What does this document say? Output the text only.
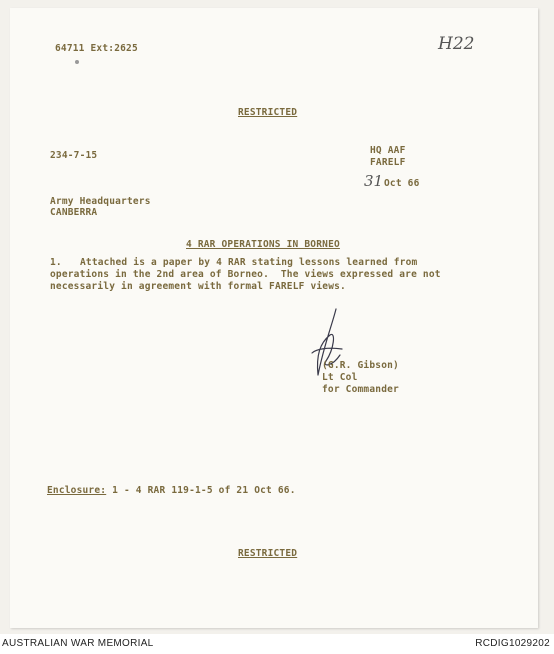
64711 Ext:2625	H22
RESTRICTED
234-7-15	HQ AAF
FARELF
31 Oct 66
Army Headquarters
CANBERRA
4 RAR OPERATIONS IN BORNEO
1. Attached is a paper by 4 RAR stating lessons learned from
operations in the 2nd area of Borneo.  The views expressed are not
necessarily in agreement with formal FARELF views.
(G.R. Gibson)
Lt Col
for Commander
Enclosure: 1 - 4 RAR 119-1-5 of 21 Oct 66.
RESTRICTED
AUSTRALIAN WAR MEMORIAL	RCDIG1029202
